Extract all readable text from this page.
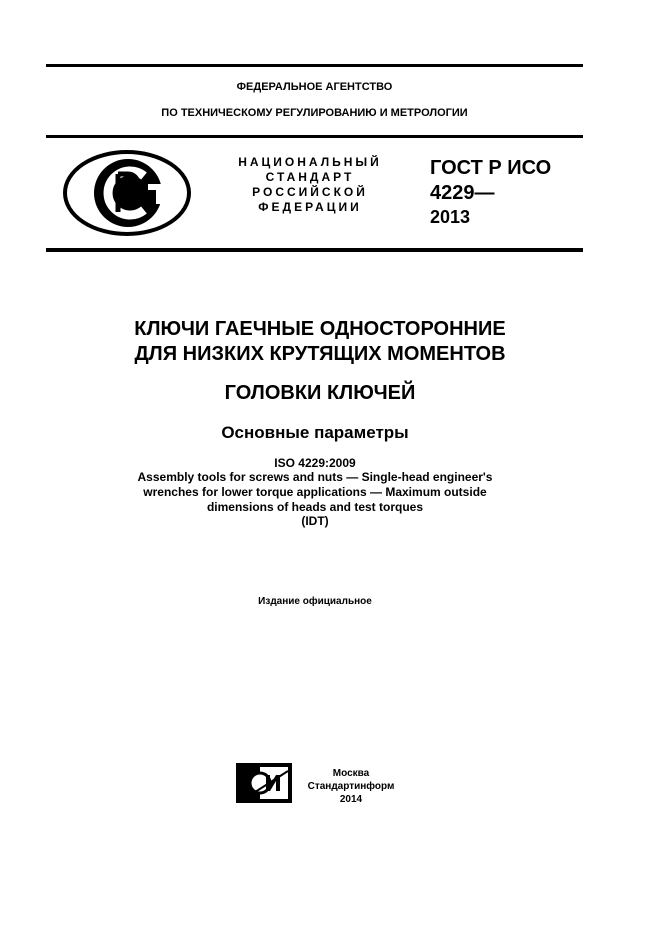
ФЕДЕРАЛЬНОЕ АГЕНТСТВО
ПО ТЕХНИЧЕСКОМУ РЕГУЛИРОВАНИЮ И МЕТРОЛОГИИ
НАЦИОНАЛЬНЫЙ
СТАНДАРТ
РОССИЙСКОЙ
ФЕДЕРАЦИИ
ГОСТ Р ИСО
4229—
2013
КЛЮЧИ ГАЕЧНЫЕ ОДНОСТОРОННИЕ
ДЛЯ НИЗКИХ КРУТЯЩИХ МОМЕНТОВ
ГОЛОВКИ КЛЮЧЕЙ
Основные параметры
ISO 4229:2009
Assembly tools for screws and nuts — Single-head engineer's
wrenches for lower torque applications — Maximum outside
dimensions of heads and test torques
(IDT)
Издание официальное
Москва
Стандартинформ
2014
